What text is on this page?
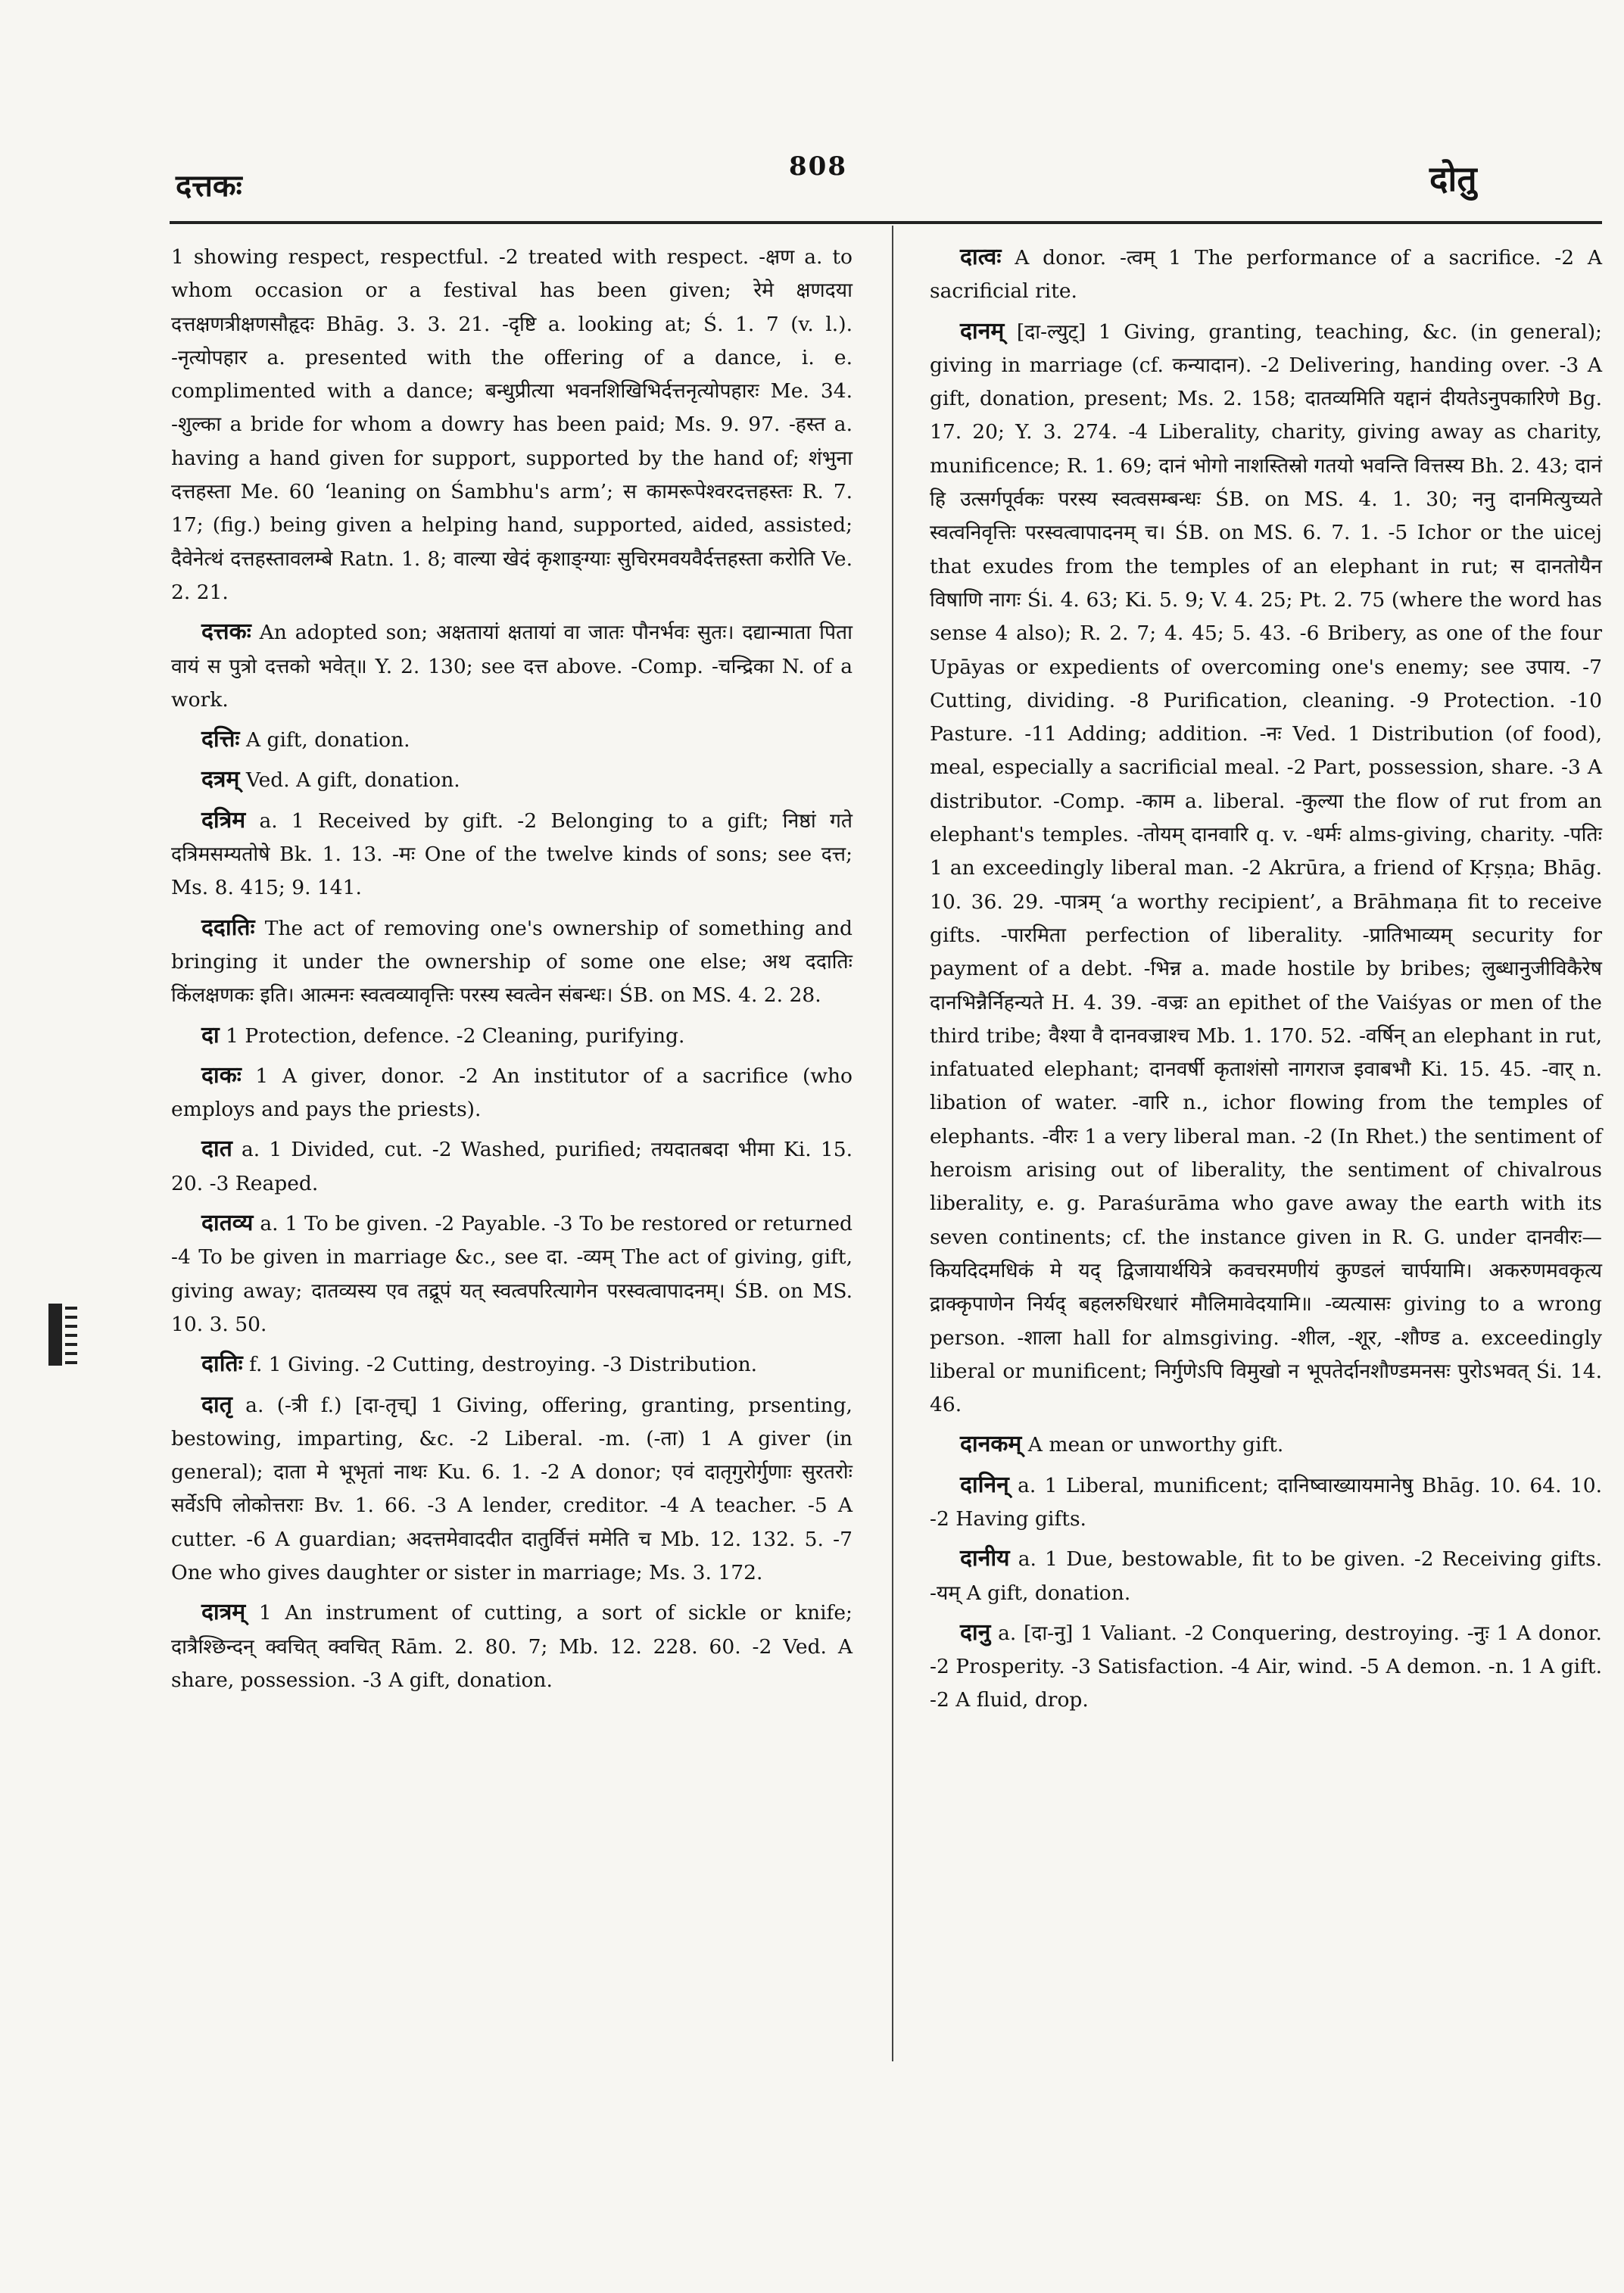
दत्तकः
808	दोतु

1 showing respect, respectful. -2 treated with respect. -क्षण a. to whom occasion or a festival has been given; रेमे क्षणदया दत्तक्षणत्रीक्षणसौहृदः Bhāg. 3. 3. 21. -दृष्टि a. looking at; Ś. 1. 7 (v. l.). -नृत्योपहार a. presented with the offering of a dance, i. e. complimented with a dance; बन्धुप्रीत्या भवनशिखिभिर्दत्तनृत्योपहारः Me. 34. -शुल्का a bride for whom a dowry has been paid; Ms. 9. 97. -हस्त a. having a hand given for support, supported by the hand of; शंभुना दत्तहस्ता Me. 60 ‘leaning on Śambhu's arm’; स कामरूपेश्वरदत्तहस्तः R. 7. 17; (fig.) being given a helping hand, supported, aided, assisted; दैवेनेत्थं दत्तहस्तावलम्बे Ratn. 1. 8; वाल्या खेदं कृशाङ्ग्याः सुचिरमवयवैर्दत्तहस्ता करोति Ve. 2. 21.

दत्तकः An adopted son; अक्षतायां क्षतायां वा जातः पौनर्भवः सुतः। दद्यान्माता पिता वायं स पुत्रो दत्तको भवेत्॥ Y. 2. 130; see दत्त above. -Comp. -चन्द्रिका N. of a work.

दत्तिः A gift, donation.

दत्रम् Ved. A gift, donation.

दत्रिम a. 1 Received by gift. -2 Belonging to a gift; निष्ठां गते दत्रिमसम्यतोषे Bk. 1. 13. -मः One of the twelve kinds of sons; see दत्त; Ms. 8. 415; 9. 141.

ददातिः The act of removing one's ownership of something and bringing it under the ownership of some one else; अथ ददातिः किंलक्षणकः इति। आत्मनः स्वत्वव्यावृत्तिः परस्य स्वत्वेन संबन्धः। ŚB. on MS. 4. 2. 28.

दा 1 Protection, defence. -2 Cleaning, purifying.

दाकः 1 A giver, donor. -2 An institutor of a sacrifice (who employs and pays the priests).

दात a. 1 Divided, cut. -2 Washed, purified; तयदातबदा भीमा Ki. 15. 20. -3 Reaped.

दातव्य a. 1 To be given. -2 Payable. -3 To be restored or returned -4 To be given in marriage &c., see दा. -व्यम् The act of giving, gift, giving away; दातव्यस्य एव तद्रूपं यत् स्वत्वपरित्यागेन परस्वत्वापादनम्। ŚB. on MS. 10. 3. 50.

दातिः f. 1 Giving. -2 Cutting, destroying. -3 Distribution.

दातृ a. (-त्री f.) [दा-तृच्] 1 Giving, offering, granting, prsenting, bestowing, imparting, &c. -2 Liberal. -m. (-ता) 1 A giver (in general); दाता मे भूभृतां नाथः Ku. 6. 1. -2 A donor; एवं दातृगुरोर्गुणाः सुरतरोः सर्वेऽपि लोकोत्तराः Bv. 1. 66. -3 A lender, creditor. -4 A teacher. -5 A cutter. -6 A guardian; अदत्तमेवाददीत दातुर्वित्तं ममेति च Mb. 12. 132. 5. -7 One who gives daughter or sister in marriage; Ms. 3. 172.

दात्रम् 1 An instrument of cutting, a sort of sickle or knife; दात्रैश्छिन्दन् क्वचित् क्वचित् Rām. 2. 80. 7; Mb. 12. 228. 60. -2 Ved. A share, possession. -3 A gift, donation.

दात्वः A donor. -त्वम् 1 The performance of a sacrifice. -2 A sacrificial rite.

दानम् [दा-ल्युट्] 1 Giving, granting, teaching, &c. (in general); giving in marriage (cf. कन्यादान). -2 Delivering, handing over. -3 A gift, donation, present; Ms. 2. 158; दातव्यमिति यद्दानं दीयतेऽनुपकारिणे Bg. 17. 20; Y. 3. 274. -4 Liberality, charity, giving away as charity, munificence; R. 1. 69; दानं भोगो नाशस्तिस्रो गतयो भवन्ति वित्तस्य Bh. 2. 43; दानं हि उत्सर्गपूर्वकः परस्य स्वत्वसम्बन्धः ŚB. on MS. 4. 1. 30; ननु दानमित्युच्यते स्वत्वनिवृत्तिः परस्वत्वापादनम् च। ŚB. on MS. 6. 7. 1. -5 Ichor or the uicej that exudes from the temples of an elephant in rut; स दानतोयैन विषाणि नागः Śi. 4. 63; Ki. 5. 9; V. 4. 25; Pt. 2. 75 (where the word has sense 4 also); R. 2. 7; 4. 45; 5. 43. -6 Bribery, as one of the four Upāyas or expedients of overcoming one's enemy; see उपाय. -7 Cutting, dividing. -8 Purification, cleaning. -9 Protection. -10 Pasture. -11 Adding; addition. -नः Ved. 1 Distribution (of food), meal, especially a sacrificial meal. -2 Part, possession, share. -3 A distributor. -Comp. -काम a. liberal. -कुल्या the flow of rut from an elephant's temples. -तोयम् दानवारि q. v. -धर्मः alms-giving, charity. -पतिः 1 an exceedingly liberal man. -2 Akrūra, a friend of Kṛṣṇa; Bhāg. 10. 36. 29. -पात्रम् ‘a worthy recipient’, a Brāhmaṇa fit to receive gifts. -पारमिता perfection of liberality. -प्रातिभाव्यम् security for payment of a debt. -भिन्न a. made hostile by bribes; लुब्धानुजीविकैरेष दानभिन्नैर्निहन्यते H. 4. 39. -वज्रः an epithet of the Vaiśyas or men of the third tribe; वैश्या वै दानवज्राश्च Mb. 1. 170. 52. -वर्षिन् an elephant in rut, infatuated elephant; दानवर्षी कृताशंसो नागराज इवाबभौ Ki. 15. 45. -वार् n. libation of water. -वारि n., ichor flowing from the temples of elephants. -वीरः 1 a very liberal man. -2 (In Rhet.) the sentiment of heroism arising out of liberality, the sentiment of chivalrous liberality, e. g. Paraśurāma who gave away the earth with its seven continents; cf. the instance given in R. G. under दानवीरः— कियदिदमधिकं मे यद् द्विजायार्थयित्रे कवचरमणीयं कुण्डलं चार्पयामि। अकरुणमवकृत्य द्राक्कृपाणेन निर्यद् बहलरुधिरधारं मौलिमावेदयामि॥ -व्यत्यासः giving to a wrong person. -शाला hall for almsgiving. -शील, -शूर, -शौण्ड a. exceedingly liberal or munificent; निर्गुणेऽपि विमुखो न भूपतेर्दानशौण्डमनसः पुरोऽभवत् Śi. 14. 46.

दानकम् A mean or unworthy gift.

दानिन् a. 1 Liberal, munificent; दानिष्वाख्यायमानेषु Bhāg. 10. 64. 10. -2 Having gifts.

दानीय a. 1 Due, bestowable, fit to be given. -2 Receiving gifts. -यम् A gift, donation.

दानु a. [दा-नु] 1 Valiant. -2 Conquering, destroying. -नुः 1 A donor. -2 Prosperity. -3 Satisfaction. -4 Air, wind. -5 A demon. -n. 1 A gift. -2 A fluid, drop.
